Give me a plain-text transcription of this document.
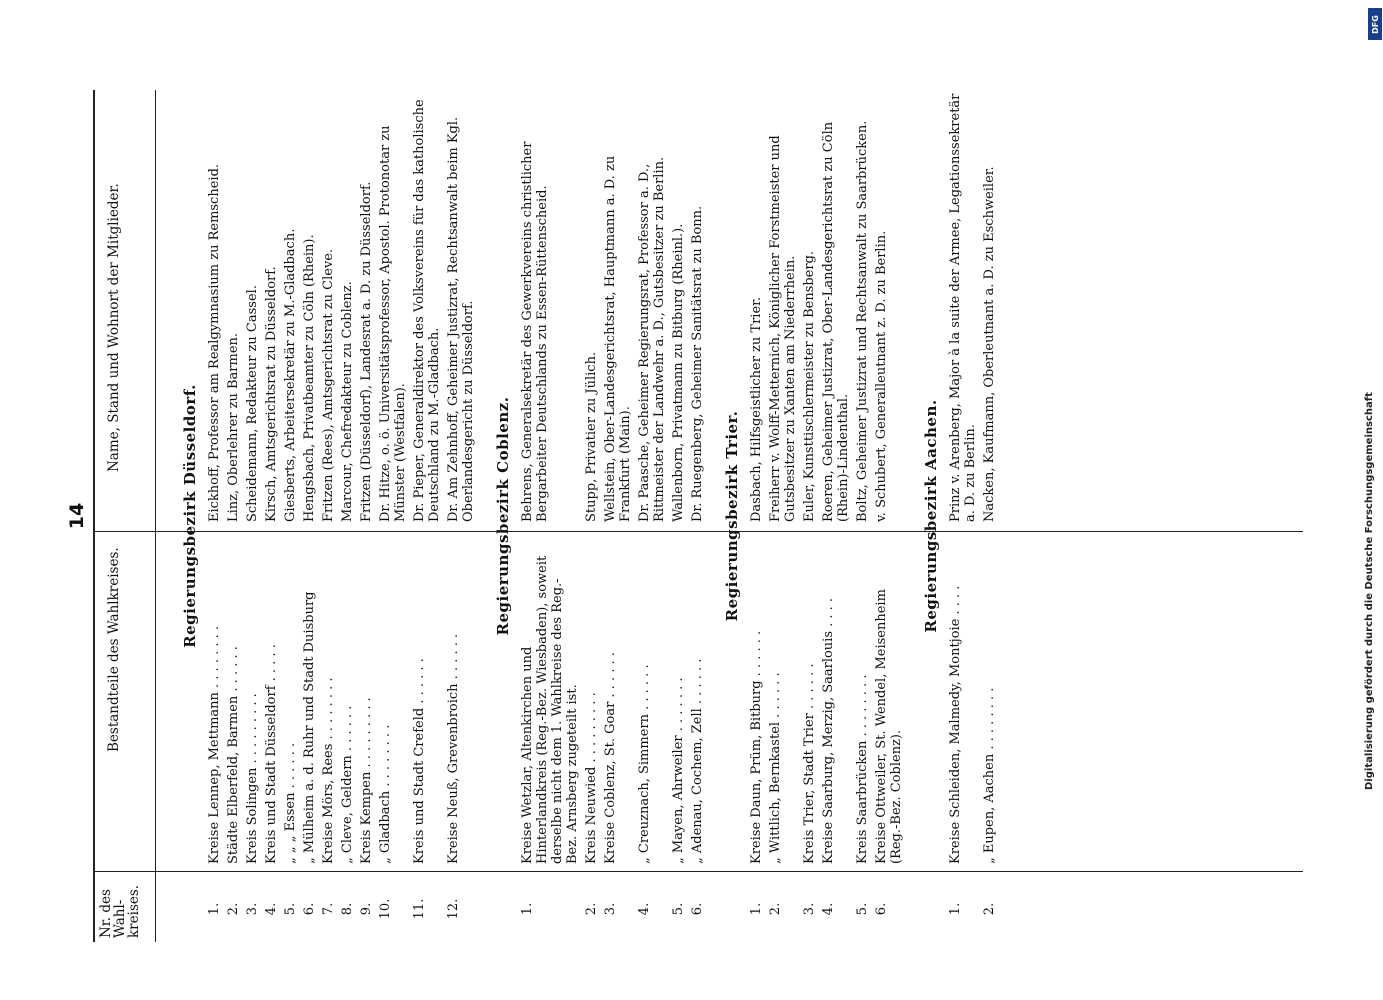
14
Nr. des Wahl-kreises.
Bestandteile des Wahlkreises.
Name, Stand und Wohnort der Mitglieder.
Regierungsbezirk Düsseldorf.
1.
Kreise Lennep, Mettmann . . . . . . . .
Eickhoff, Professor am Realgymnasium zu Remscheid.
2.
Städte Elberfeld, Barmen . . . . . .
Linz, Oberlehrer zu Barmen.
3.
Kreis Solingen . . . . . . . . .
Scheidemann, Redakteur zu Cassel.
4.
Kreis und Stadt Düsseldorf . . . . .
Kirsch, Amtsgerichtsrat zu Düsseldorf.
5.
„ „ „ Essen . . . . . .
Giesberts, Arbeitersekretär zu M.-Gladbach.
6.
„ Mülheim a. d. Ruhr und Stadt Duisburg
Hengsbach, Privatbeamter zu Cöln (Rhein).
7.
Kreise Mörs, Rees . . . . . . . .
Fritzen (Rees), Amtsgerichtsrat zu Cleve.
8.
„ Cleve, Geldern . . . . . .
Marcour, Chefredakteur zu Coblenz.
9.
Kreis Kempen . . . . . . . . .
Fritzen (Düsseldorf), Landesrat a. D. zu Düsseldorf.
10.
„ Gladbach . . . . . . . .
Dr. Hitze, o. ö. Universitätsprofessor, Apostol. Protonotar zu Münster (Westfalen).
11.
Kreis und Stadt Crefeld . . . . . .
Dr. Pieper, Generaldirektor des Volksvereins für das katholische Deutschland zu M.-Gladbach.
12.
Kreise Neuß, Grevenbroich . . . . . .
Dr. Am Zehnhoff, Geheimer Justizrat, Rechtsanwalt beim Kgl. Oberlandesgericht zu Düsseldorf. Regierungsbezirk Coblenz.
1.
Kreise Wetzlar, Altenkirchen und Hinterlandkreis (Reg.-Bez. Wiesbaden), soweit derselbe nicht dem 1. Wahlkreise des Reg.-Bez. Arnsberg zugeteilt ist.
Behrens, Generalsekretär des Gewerkvereins christlicher Bergarbeiter Deutschlands zu Essen-Rüttenscheid.
2.
Kreis Neuwied . . . . . . . . .
Stupp, Privatier zu Jülich.
3.
Kreise Coblenz, St. Goar . . . . . .
Wellstein, Ober-Landesgerichtsrat, Hauptmann a. D. zu Frankfurt (Main).
4.
„ Creuznach, Simmern . . . . . .
Dr. Paasche, Geheimer Regierungsrat, Professor a. D., Rittmeister der Landwehr a. D., Gutsbesitzer zu Berlin.
5.
„ Mayen, Ahrweiler . . . . . . .
Wallenborn, Privatmann zu Bitburg (Rheinl.).
6.
„ Adenau, Cochem, Zell . . . . . .
Dr. Ruegenberg, Geheimer Sanitätsrat zu Bonn. Regierungsbezirk Trier.
1.
Kreise Daun, Prüm, Bitburg . . . . . .
Dasbach, Hilfsgeistlicher zu Trier.
2.
„ Wittlich, Bernkastel . . . . . .
Freiherr v. Wolff-Metternich, Königlicher Forstmeister und Gutsbesitzer zu Xanten am Niederrhein.
3.
Kreis Trier, Stadt Trier . . . . . .
Euler, Kunsttischlermeister zu Bensberg.
4.
Kreise Saarburg, Merzig, Saarlouis . . . .
Roeren, Geheimer Justizrat, Ober-Landesgerichtsrat zu Cöln (Rhein)-Lindenthal.
5.
Kreis Saarbrücken . . . . . . . .
Boltz, Geheimer Justizrat und Rechtsanwalt zu Saarbrücken.
6.
Kreise Ottweiler, St. Wendel, Meisenheim (Reg.-Bez. Coblenz).
v. Schubert, Generalleutnant z. D. zu Berlin. Regierungsbezirk Aachen.
1.
Kreise Schleiden, Malmedy, Montjoie . . . .
Prinz v. Arenberg, Major à la suite der Armee, Legationssekretär a. D. zu Berlin.
2.
„ Eupen, Aachen . . . . . . . .
Nacken, Kaufmann, Oberleutnant a. D. zu Eschweiler.
DFG
Digitalisierung gefördert durch die Deutsche Forschungsgemeinschaft
